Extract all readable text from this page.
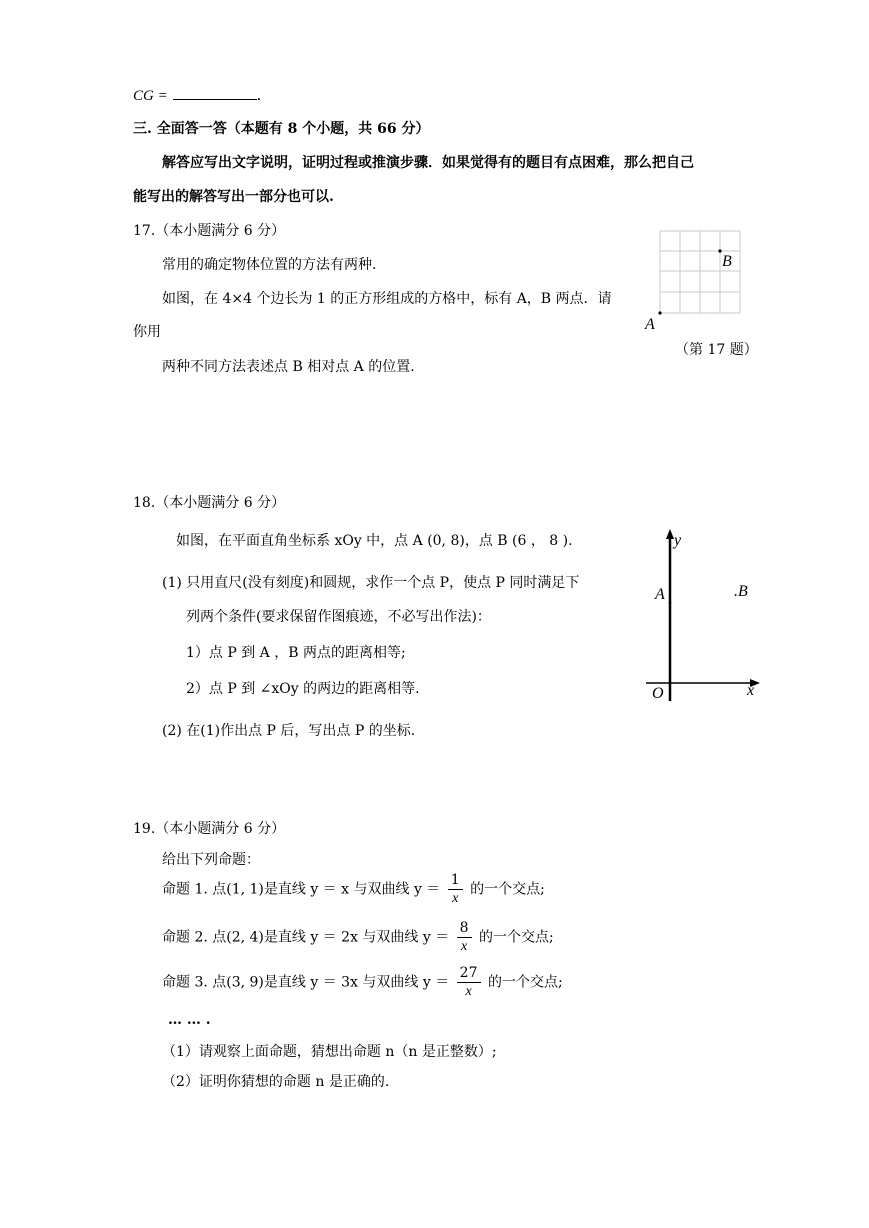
CG =	.
三. 全面答一答（本题有 8 个小题，共 66 分）
解答应写出文字说明，证明过程或推演步骤．如果觉得有的题目有点困难，那么把自己
能写出的解答写出一部分也可以.
17.（本小题满分 6 分）
常用的确定物体位置的方法有两种.
如图，在 4×4 个边长为 1 的正方形组成的方格中，标有 A，B 两点．请
你用
两种不同方法表述点 B 相对点 A 的位置.
A
B
（第 17 题）
18.（本小题满分 6 分）
如图，在平面直角坐标系 xOy 中，点 A (0, 8)，点 B (6 ， 8 ).
(1) 只用直尺(没有刻度)和圆规，求作一个点 P，使点 P 同时满足下
列两个条件(要求保留作图痕迹，不必写出作法)：
1）点 P 到 A ，B 两点的距离相等;
2）点 P 到 ∠xOy 的两边的距离相等.
(2) 在(1)作出点 P 后，写出点 P 的坐标.
y
x
O
A	.B
19.（本小题满分 6 分）
给出下列命题：
命题 1. 点(1, 1)是直线 y ＝ x 与双曲线 $y = \frac{1}{x}$ 的一个交点;
命题 2. 点(2, 4)是直线 y ＝ 2x 与双曲线 $y = \frac{8}{x}$ 的一个交点;
命题 3. 点(3, 9)是直线 y ＝ 3x 与双曲线 $y = \frac{27}{x}$ 的一个交点;
… … .
（1）请观察上面命题，猜想出命题 n（n 是正整数）;
（2）证明你猜想的命题 n 是正确的.
